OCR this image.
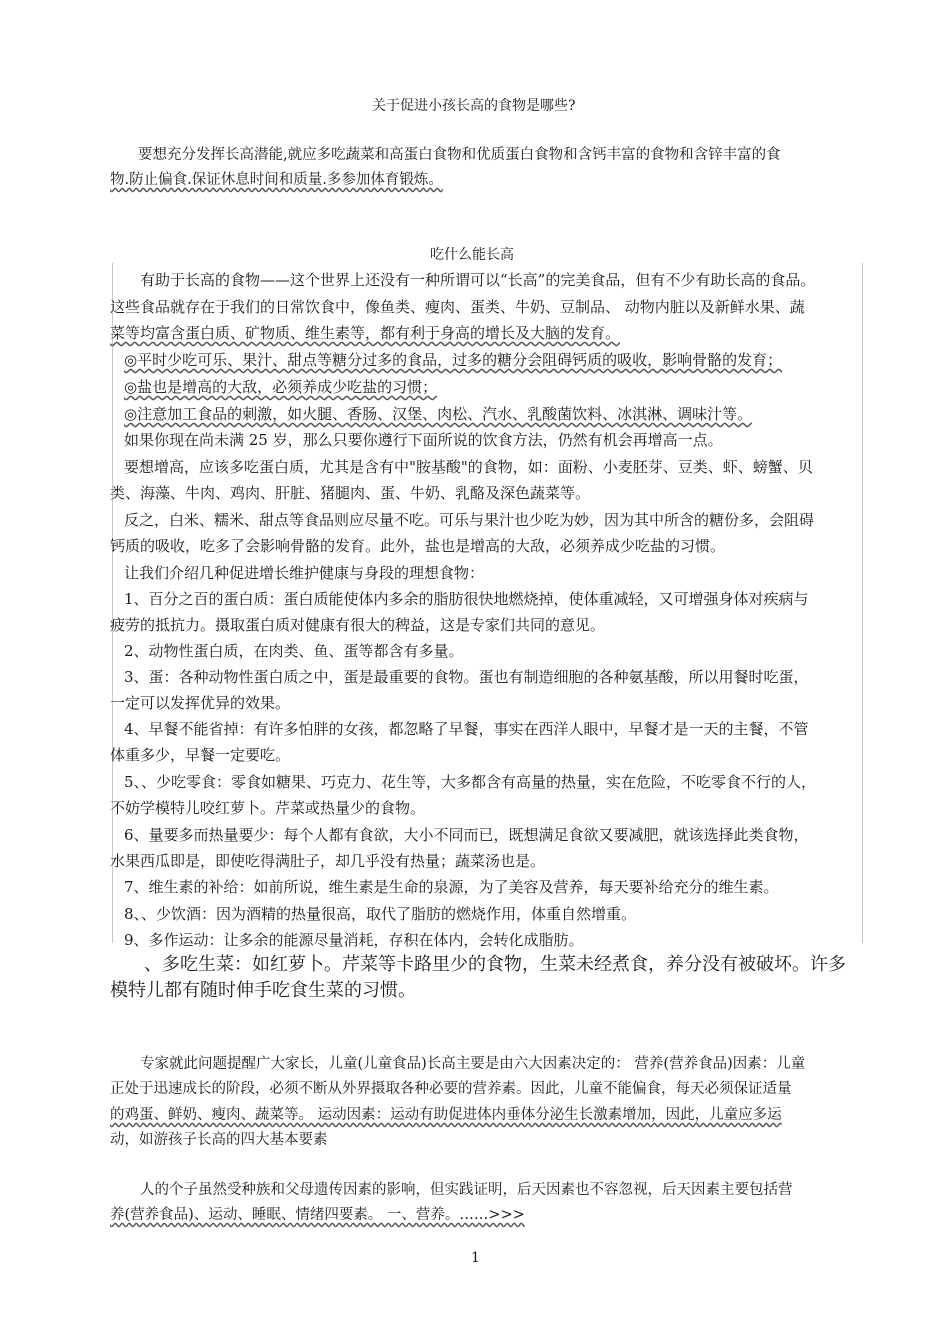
关于促进小孩长高的食物是哪些?
要想充分发挥长高潜能,就应多吃蔬菜和高蛋白食物和优质蛋白食物和含钙丰富的食物和含锌丰富的食
物.防止偏食.保证休息时间和质量.多参加体育锻炼。
吃什么能长高
有助于长高的食物——这个世界上还没有一种所谓可以“长高”的完美食品，但有不少有助长高的食品。
这些食品就存在于我们的日常饮食中，像鱼类、瘦肉、蛋类、牛奶、豆制品、 动物内脏以及新鲜水果、蔬
菜等均富含蛋白质、矿物质、维生素等，都有利于身高的增长及大脑的发育。
◎平时少吃可乐、果汁、甜点等糖分过多的食品，过多的糖分会阻碍钙质的吸收，影响骨骼的发育；
◎盐也是增高的大敌，必须养成少吃盐的习惯；
◎注意加工食品的刺激，如火腿、香肠、汉堡、肉松、汽水、乳酸菌饮料、冰淇淋、调味汁等。
如果你现在尚未满 25 岁，那么只要你遵行下面所说的饮食方法，仍然有机会再增高一点。
要想增高，应该多吃蛋白质，尤其是含有中"胺基酸"的食物，如：面粉、小麦胚芽、豆类、虾、螃蟹、贝
类、海藻、牛肉、鸡肉、肝脏、猪腿肉、蛋、牛奶、乳酪及深色蔬菜等。
反之，白米、糯米、甜点等食品则应尽量不吃。可乐与果汁也少吃为妙，因为其中所含的糖份多，会阻碍
钙质的吸收，吃多了会影响骨骼的发育。此外，盐也是增高的大敌，必须养成少吃盐的习惯。
让我们介绍几种促进增长维护健康与身段的理想食物：
1、百分之百的蛋白质：蛋白质能使体内多余的脂肪很快地燃烧掉，使体重减轻，又可增强身体对疾病与
疲劳的抵抗力。摄取蛋白质对健康有很大的稗益，这是专家们共同的意见。
2、动物性蛋白质，在肉类、鱼、蛋等都含有多量。
3、蛋：各种动物性蛋白质之中，蛋是最重要的食物。蛋也有制造细胞的各种氨基酸，所以用餐时吃蛋，
一定可以发挥优异的效果。
4、早餐不能省掉：有许多怕胖的女孩，都忽略了早餐，事实在西洋人眼中，早餐才是一天的主餐，不管
体重多少，早餐一定要吃。
5、、少吃零食：零食如糖果、巧克力、花生等，大多都含有高量的热量，实在危险，不吃零食不行的人，
不妨学模特儿咬红萝卜。芹菜或热量少的食物。
6、量要多而热量要少：每个人都有食欲，大小不同而已，既想满足食欲又要减肥，就该选择此类食物，
水果西瓜即是，即使吃得满肚子，却几乎没有热量；蔬菜汤也是。
7、维生素的补给：如前所说，维生素是生命的泉源，为了美容及营养，每天要补给充分的维生素。
8、、少饮酒：因为酒精的热量很高，取代了脂肪的燃烧作用，体重自然增重。
9、多作运动：让多余的能源尽量消耗，存积在体内，会转化成脂肪。
、多吃生菜：如红萝卜。芹菜等卡路里少的食物，生菜未经煮食，养分没有被破坏。许多
模特儿都有随时伸手吃食生菜的习惯。
专家就此问题提醒广大家长，儿童(儿童食品)长高主要是由六大因素决定的： 营养(营养食品)因素：儿童
正处于迅速成长的阶段，必须不断从外界摄取各种必要的营养素。因此，儿童不能偏食，每天必须保证适量
的鸡蛋、鲜奶、瘦肉、蔬菜等。 运动因素：运动有助促进体内垂体分泌生长激素增加，因此，儿童应多运
动，如游孩子长高的四大基本要素
人的个子虽然受种族和父母遗传因素的影响，但实践证明，后天因素也不容忽视，后天因素主要包括营
养(营养食品)、运动、睡眠、情绪四要素。 一、营养。……>>>
1
